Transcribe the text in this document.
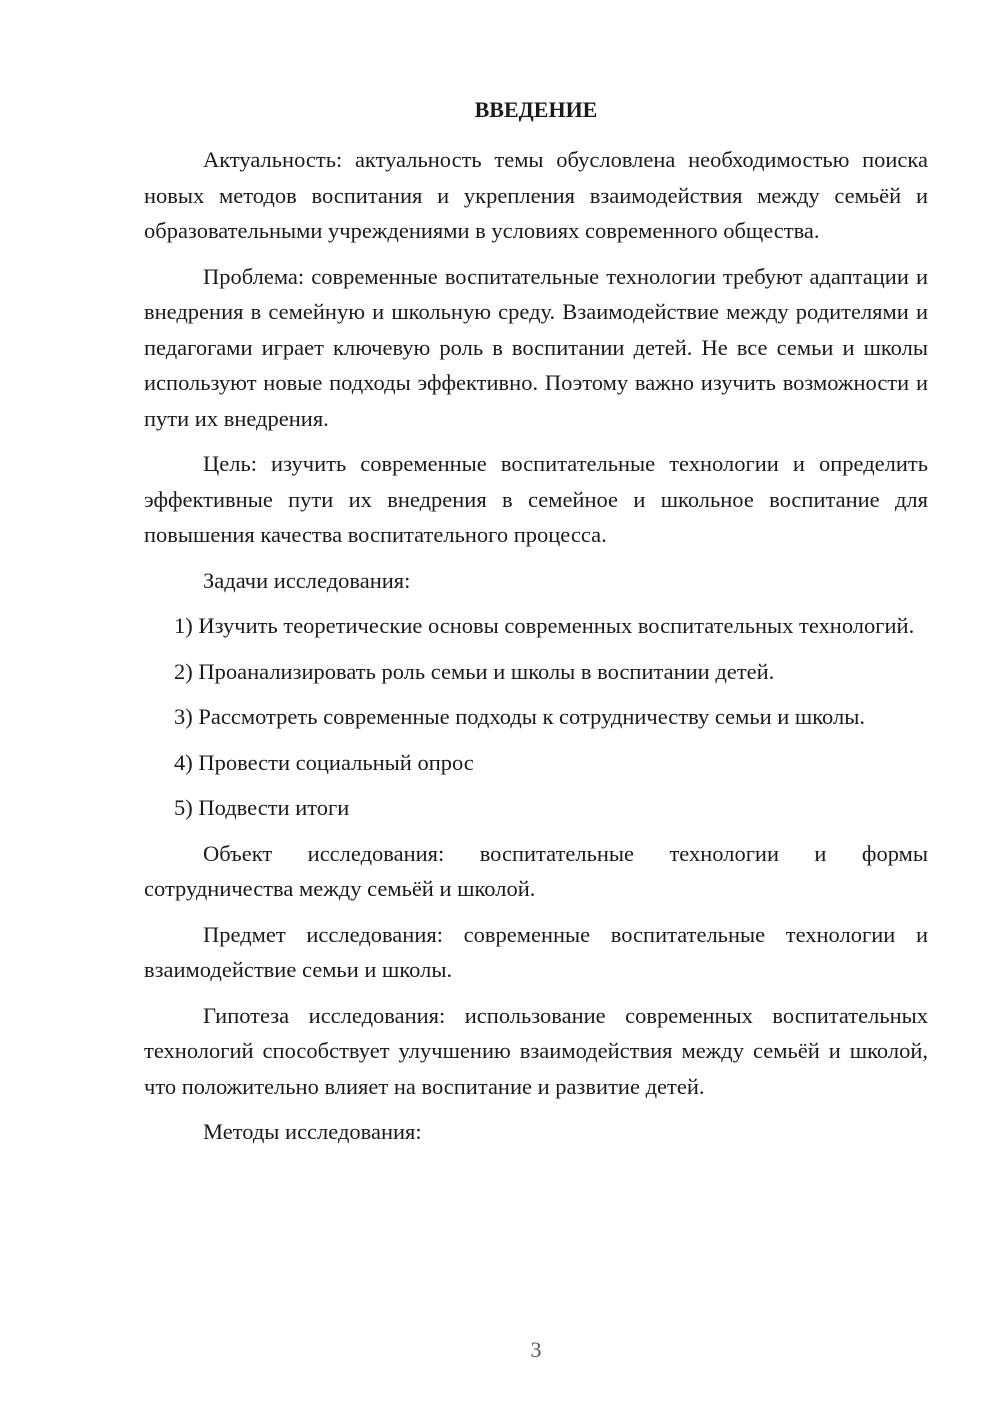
ВВЕДЕНИЕ

Актуальность: актуальность темы обусловлена необходимостью поиска новых методов воспитания и укрепления взаимодействия между семьёй и образовательными учреждениями в условиях современного общества.

Проблема: современные воспитательные технологии требуют адаптации и внедрения в семейную и школьную среду. Взаимодействие между родителями и педагогами играет ключевую роль в воспитании детей. Не все семьи и школы используют новые подходы эффективно. Поэтому важно изучить возможности и пути их внедрения.

Цель: изучить современные воспитательные технологии и определить эффективные пути их внедрения в семейное и школьное воспитание для повышения качества воспитательного процесса.

Задачи исследования:

1) Изучить теоретические основы современных воспитательных технологий.

2) Проанализировать роль семьи и школы в воспитании детей.

3) Рассмотреть современные подходы к сотрудничеству семьи и школы.

4) Провести социальный опрос

5) Подвести итоги

Объект исследования: воспитательные технологии и формы сотрудничества между семьёй и школой.

Предмет исследования: современные воспитательные технологии и взаимодействие семьи и школы.

Гипотеза исследования: использование современных воспитательных технологий способствует улучшению взаимодействия между семьёй и школой, что положительно влияет на воспитание и развитие детей.

Методы исследования:

3
